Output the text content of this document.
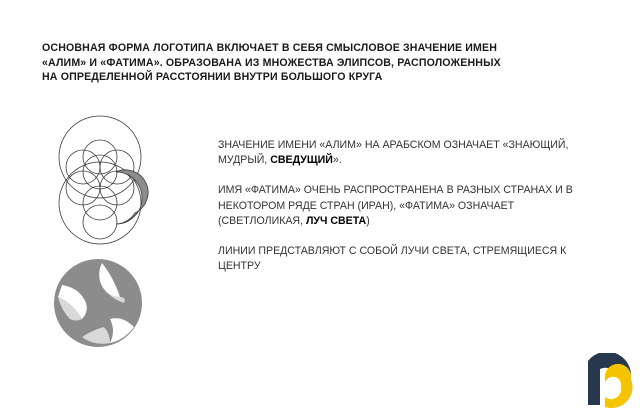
ОСНОВНАЯ ФОРМА ЛОГОТИПА ВКЛЮЧАЕТ В СЕБЯ СМЫСЛОВОЕ ЗНАЧЕНИЕ ИМЕН
«АЛИМ» И «ФАТИМА». ОБРАЗОВАНА ИЗ МНОЖЕСТВА ЭЛИПСОВ, РАСПОЛОЖЕННЫХ
НА ОПРЕДЕЛЕННОЙ РАССТОЯНИИ ВНУТРИ БОЛЬШОГО КРУГА

ЗНАЧЕНИЕ ИМЕНИ «АЛИМ» НА АРАБСКОМ ОЗНАЧАЕТ «ЗНАЮЩИЙ, МУДРЫЙ, СВЕДУЩИЙ».

ИМЯ «ФАТИМА» ОЧЕНЬ РАСПРОСТРАНЕНА В РАЗНЫХ СТРАНАХ И В НЕКОТОРОМ РЯДЕ СТРАН (ИРАН), «ФАТИМА» ОЗНАЧАЕТ (СВЕТЛОЛИКАЯ, ЛУЧ СВЕТА)

ЛИНИИ ПРЕДСТАВЛЯЮТ С СОБОЙ ЛУЧИ СВЕТА, СТРЕМЯЩИЕСЯ К ЦЕНТРУ
